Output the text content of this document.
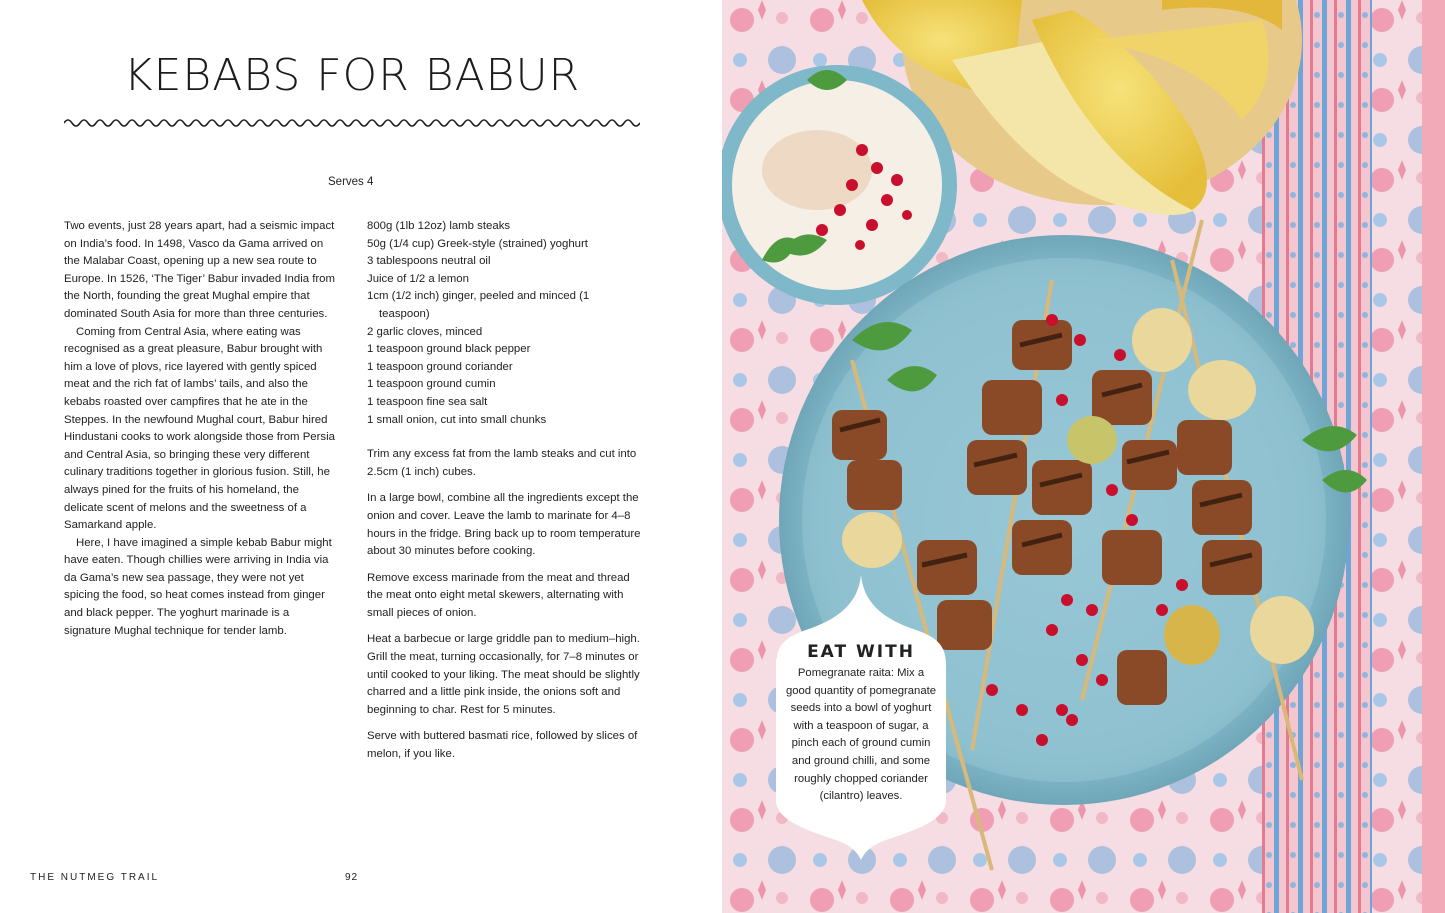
KEBABS FOR BABUR
Serves 4

Two events, just 28 years apart, had a seismic impact on India’s food. In 1498, Vasco da Gama arrived on the Malabar Coast, opening up a new sea route to Europe. In 1526, ‘The Tiger’ Babur invaded India from the North, founding the great Mughal empire that dominated South Asia for more than three centuries.

Coming from Central Asia, where eating was recognised as a great pleasure, Babur brought with him a love of plovs, rice layered with gently spiced meat and the rich fat of lambs’ tails, and also the kebabs roasted over campfires that he ate in the Steppes. In the newfound Mughal court, Babur hired Hindustani cooks to work alongside those from Persia and Central Asia, so bringing these very different culinary traditions together in glorious fusion. Still, he always pined for the fruits of his homeland, the delicate scent of melons and the sweetness of a Samarkand apple.

Here, I have imagined a simple kebab Babur might have eaten. Though chillies were arriving in India via da Gama’s new sea passage, they were not yet spicing the food, so heat comes instead from ginger and black pepper. The yoghurt marinade is a signature Mughal technique for tender lamb.

800g (1lb 12oz) lamb steaks
50g (1/4 cup) Greek-style (strained) yoghurt
3 tablespoons neutral oil
Juice of 1/2 a lemon
1cm (1/2 inch) ginger, peeled and minced (1 teaspoon)
2 garlic cloves, minced
1 teaspoon ground black pepper
1 teaspoon ground coriander
1 teaspoon ground cumin
1 teaspoon fine sea salt
1 small onion, cut into small chunks

Trim any excess fat from the lamb steaks and cut into 2.5cm (1 inch) cubes.

In a large bowl, combine all the ingredients except the onion and cover. Leave the lamb to marinate for 4–8 hours in the fridge. Bring back up to room temperature about 30 minutes before cooking.

Remove excess marinade from the meat and thread the meat onto eight metal skewers, alternating with small pieces of onion.

Heat a barbecue or large griddle pan to medium–high. Grill the meat, turning occasionally, for 7–8 minutes or until cooked to your liking. The meat should be slightly charred and a little pink inside, the onions soft and beginning to char. Rest for 5 minutes.

Serve with buttered basmati rice, followed by slices of melon, if you like.

THE NUTMEG TRAIL	92
EAT WITH
Pomegranate raita: Mix a good quantity of pomegranate seeds into a bowl of yoghurt with a teaspoon of sugar, a pinch each of ground cumin and ground chilli, and some roughly chopped coriander (cilantro) leaves.
